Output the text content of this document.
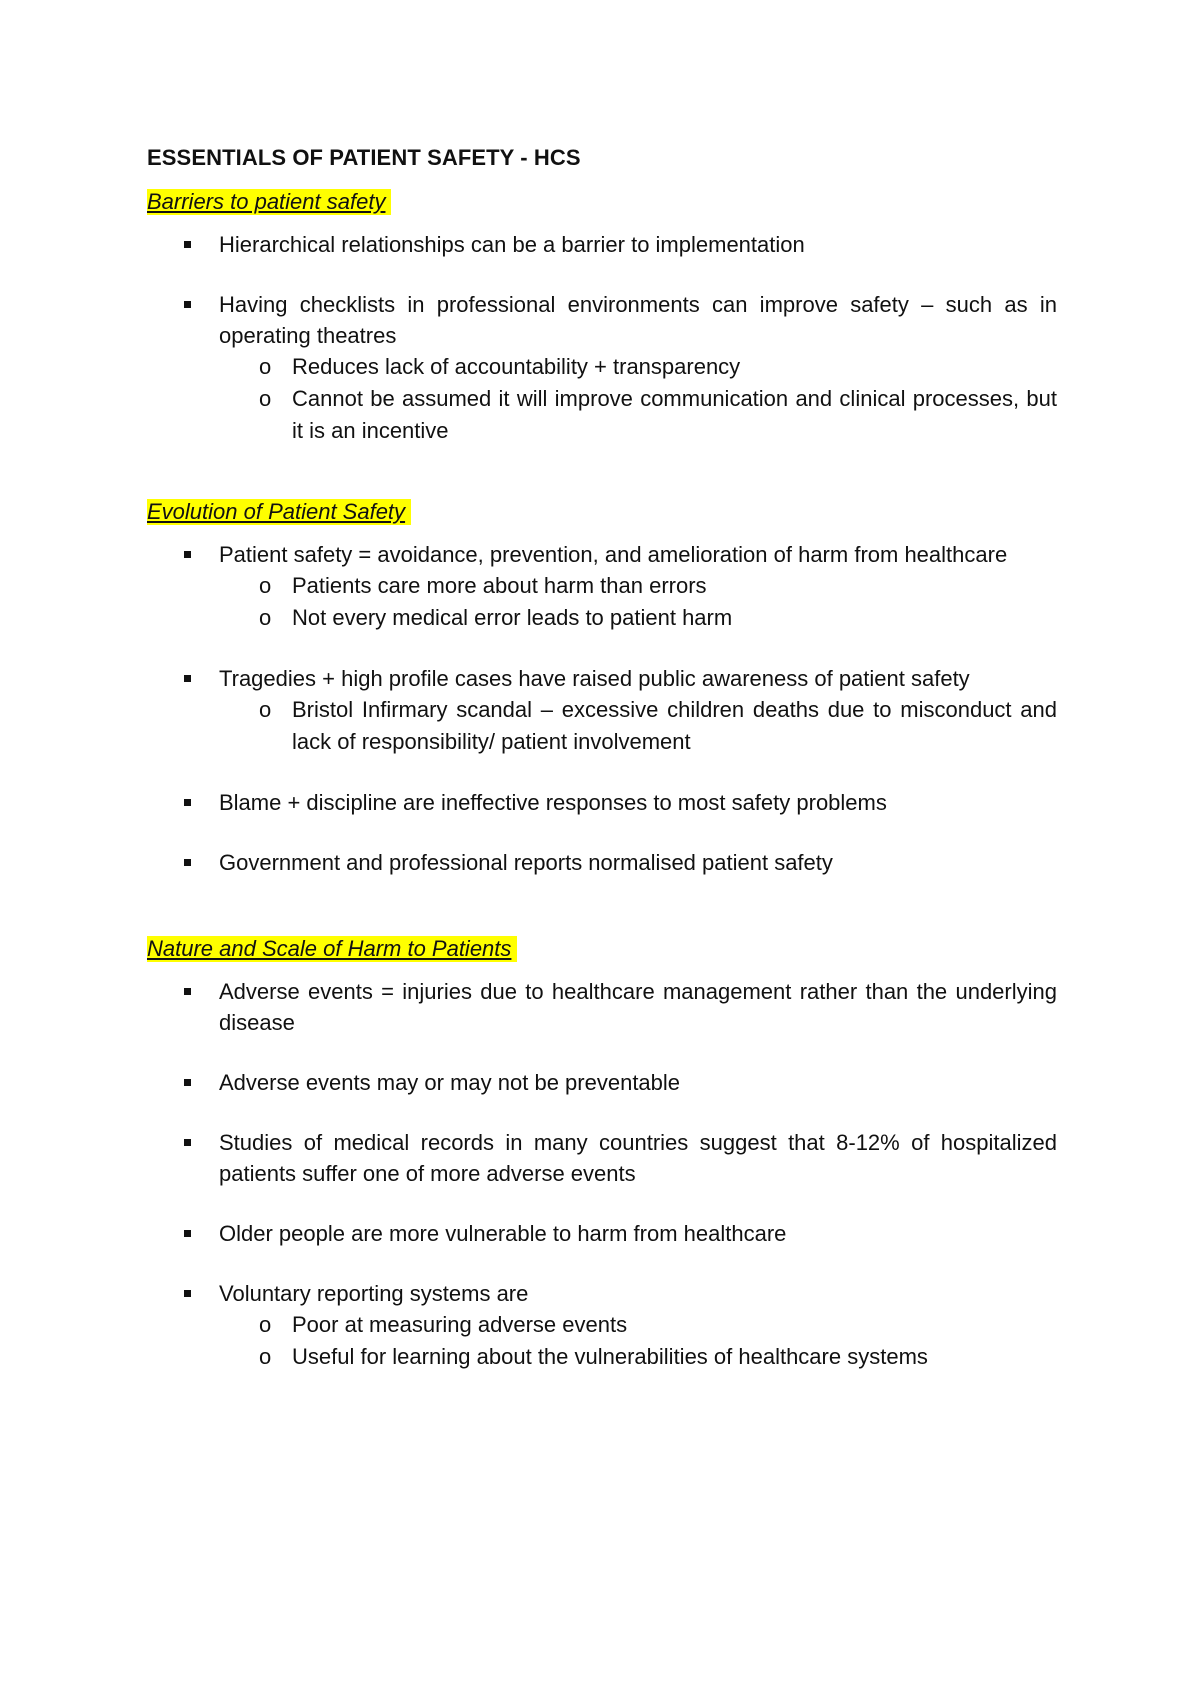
ESSENTIALS OF PATIENT SAFETY - HCS
Barriers to patient safety
Hierarchical relationships can be a barrier to implementation
Having checklists in professional environments can improve safety – such as in operating theatres
o Reduces lack of accountability + transparency
o Cannot be assumed it will improve communication and clinical processes, but it is an incentive
Evolution of Patient Safety
Patient safety = avoidance, prevention, and amelioration of harm from healthcare
o Patients care more about harm than errors
o Not every medical error leads to patient harm
Tragedies + high profile cases have raised public awareness of patient safety
o Bristol Infirmary scandal – excessive children deaths due to misconduct and lack of responsibility/ patient involvement
Blame + discipline are ineffective responses to most safety problems
Government and professional reports normalised patient safety
Nature and Scale of Harm to Patients
Adverse events = injuries due to healthcare management rather than the underlying disease
Adverse events may or may not be preventable
Studies of medical records in many countries suggest that 8-12% of hospitalized patients suffer one of more adverse events
Older people are more vulnerable to harm from healthcare
Voluntary reporting systems are
o Poor at measuring adverse events
o Useful for learning about the vulnerabilities of healthcare systems
